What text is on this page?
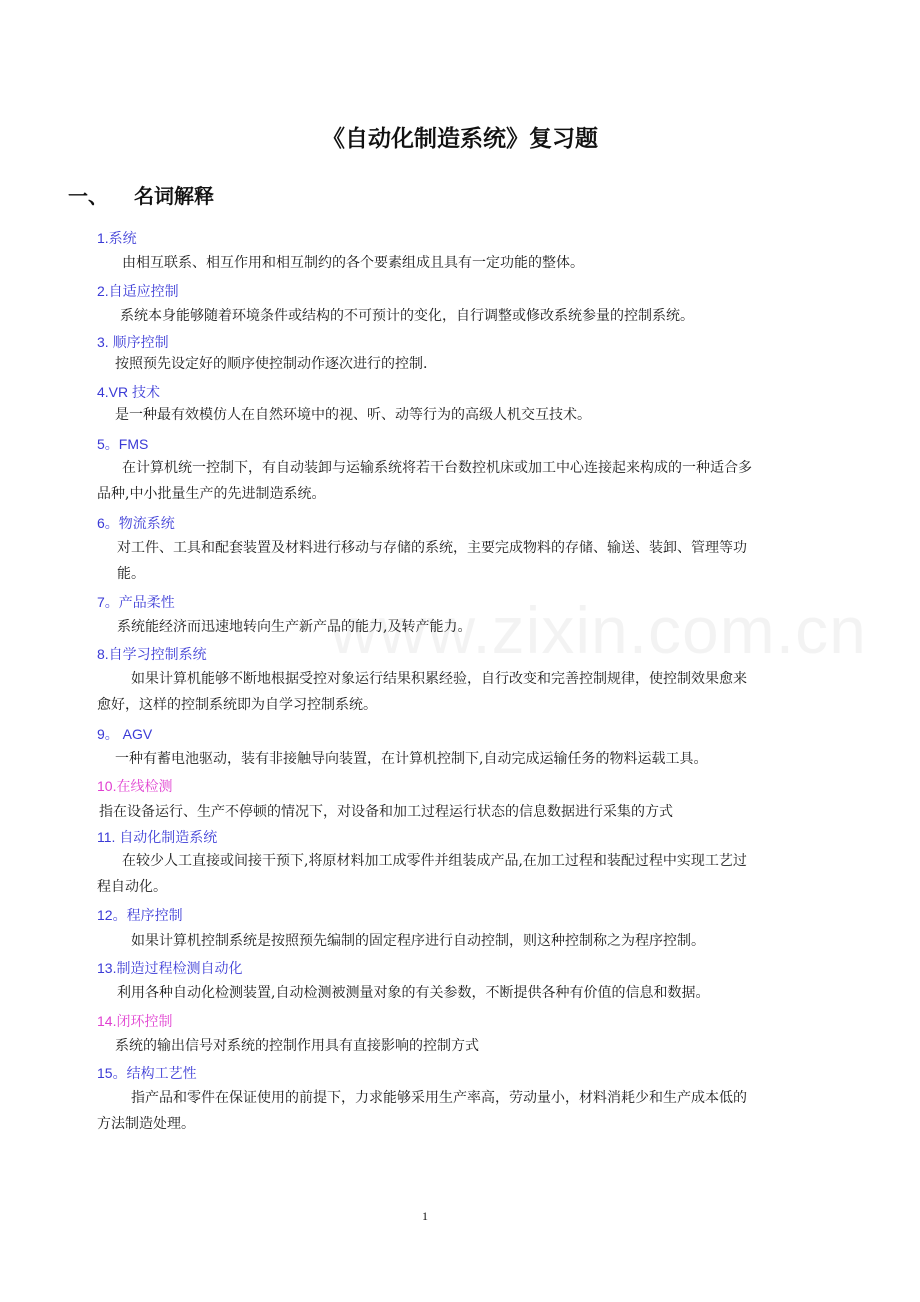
《自动化制造系统》复习题
一、 名词解释
1.系统
由相互联系、相互作用和相互制约的各个要素组成且具有一定功能的整体。
2.自适应控制
系统本身能够随着环境条件或结构的不可预计的变化，自行调整或修改系统参量的控制系统。
3. 顺序控制
按照预先设定好的顺序使控制动作逐次进行的控制.
4.VR 技术
是一种最有效模仿人在自然环境中的视、听、动等行为的高级人机交互技术。
5。FMS
在计算机统一控制下，有自动装卸与运输系统将若干台数控机床或加工中心连接起来构成的一种适合多
品种,中小批量生产的先进制造系统。
6。物流系统
对工件、工具和配套装置及材料进行移动与存储的系统，主要完成物料的存储、输送、装卸、管理等功
能。
7。产品柔性
系统能经济而迅速地转向生产新产品的能力,及转产能力。
8.自学习控制系统
如果计算机能够不断地根据受控对象运行结果积累经验，自行改变和完善控制规律，使控制效果愈来
愈好，这样的控制系统即为自学习控制系统。
9。 AGV
一种有蓄电池驱动，装有非接触导向装置，在计算机控制下,自动完成运输任务的物料运载工具。
10.在线检测
指在设备运行、生产不停顿的情况下，对设备和加工过程运行状态的信息数据进行采集的方式
11. 自动化制造系统
在较少人工直接或间接干预下,将原材料加工成零件并组装成产品,在加工过程和装配过程中实现工艺过
程自动化。
12。程序控制
如果计算机控制系统是按照预先编制的固定程序进行自动控制，则这种控制称之为程序控制。
13.制造过程检测自动化
利用各种自动化检测装置,自动检测被测量对象的有关参数，不断提供各种有价值的信息和数据。
14.闭环控制
系统的输出信号对系统的控制作用具有直接影响的控制方式
15。结构工艺性
指产品和零件在保证使用的前提下，力求能够采用生产率高，劳动量小，材料消耗少和生产成本低的
方法制造处理。
1
